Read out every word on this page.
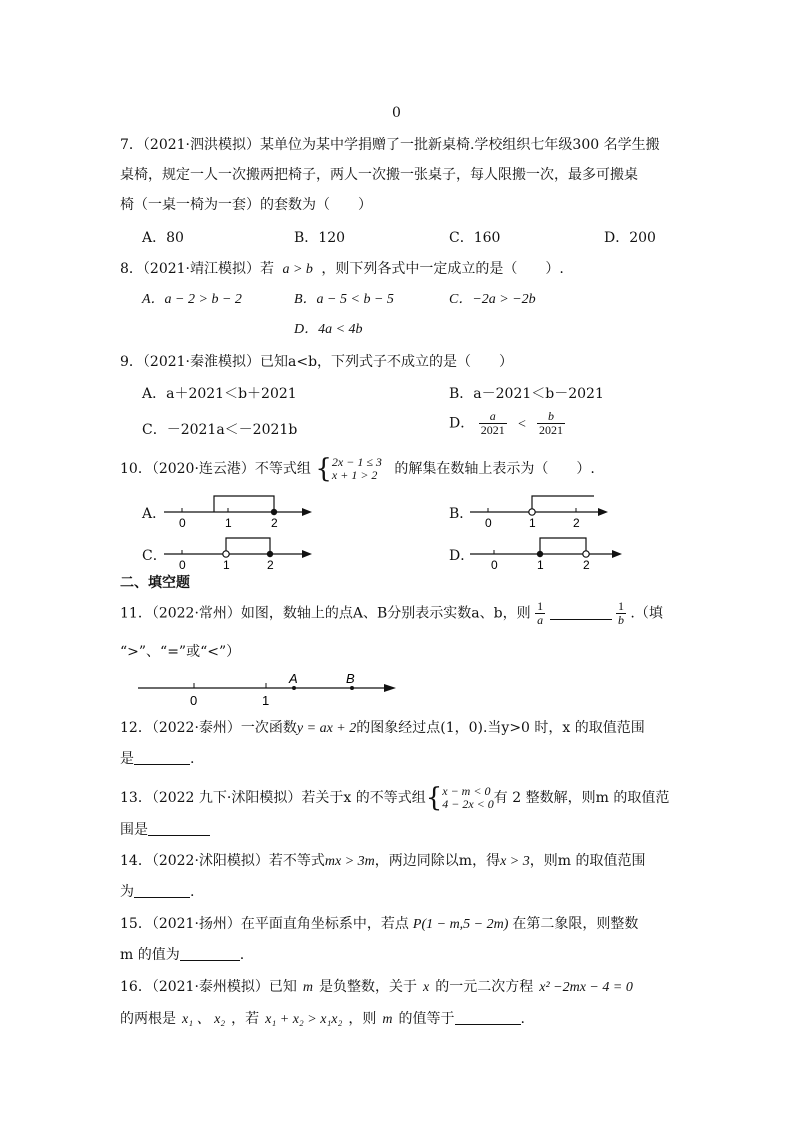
0
7．（2021·泗洪模拟）某单位为某中学捐赠了一批新桌椅.学校组织七年级300 名学生搬
桌椅，规定一人一次搬两把椅子，两人一次搬一张桌子，每人限搬一次，最多可搬桌
椅（一桌一椅为一套）的套数为（　　）
A．80	B．120	C．160	D．200
8．（2021·靖江模拟）若 a > b ，则下列各式中一定成立的是（　　）.
A．a − 2 > b − 2	B．a − 5 < b − 5	C．−2a > −2b
D．4a < 4b
9．（2021·秦淮模拟）已知a<b，下列式子不成立的是（　　）
A．a＋2021＜b＋2021	B．a－2021＜b－2021
C．－2021a＜－2021b	D． $\frac{a}{2021} < \frac{b}{2021}$
10．（2020·连云港）不等式组 { 2x − 1 ≤ 3
x + 1 > 2	的解集在数轴上表示为（　　）.
A．
0	1	2
B．
0	1	2
C．
0	1	2
D．
0	1	2
二、填空题
11．（2022·常州）如图，数轴上的点A、B分别表示实数a、b，则 $\frac{1}{a}$
	$\frac{1}{b}$ .（填
“>”、“=”或“<”）
0	1
A	B
12．（2022·泰州）一次函数y = ax + 2的图象经过点(1，0).当y>0 时，x 的取值范围
是	.
13．（2022 九下·沭阳模拟）若关于x 的不等式组{ x − m < 0
4 − 2x < 0 有 2 整数解，则m 的取值范
围是
14．（2022·沭阳模拟）若不等式mx > 3m，两边同除以m，得x > 3，则m 的取值范围
为	.
15．（2021·扬州）在平面直角坐标系中，若点 P(1 − m,5 − 2m) 在第二象限，则整数
m 的值为	.
16．（2021·泰州模拟）已知 m 是负整数，关于 x 的一元二次方程 x² −2mx − 4 = 0
的两根是 x₁ 、 x₂ ，若 x₁ + x₂ > x₁x₂ ，则 m 的值等于	.
